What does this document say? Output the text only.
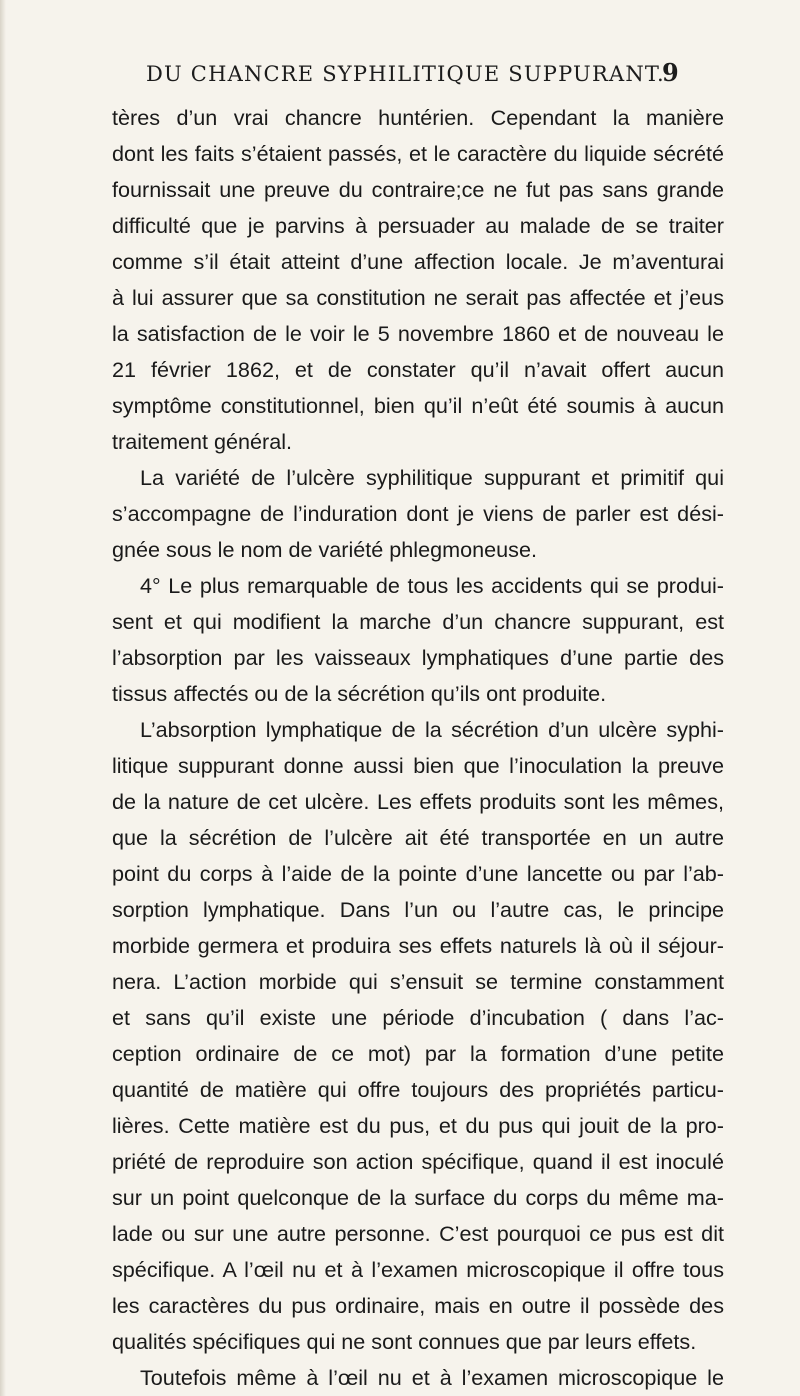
DU CHANCRE SYPHILITIQUE SUPPURANT.
9
tères d’un vrai chancre huntérien. Cependant la manière
dont les faits s’étaient passés, et le caractère du liquide sécrété
fournissait une preuve du contraire;ce ne fut pas sans grande
difficulté que je parvins à persuader au malade de se traiter
comme s’il était atteint d’une affection locale. Je m’aventurai
à lui assurer que sa constitution ne serait pas affectée et j’eus
la satisfaction de le voir le 5 novembre 1860 et de nouveau le
21 février 1862, et de constater qu’il n’avait offert aucun
symptôme constitutionnel, bien qu’il n’eût été soumis à aucun
traitement général.
La variété de l’ulcère syphilitique suppurant et primitif qui
s’accompagne de l’induration dont je viens de parler est dési-
gnée sous le nom de variété phlegmoneuse.
4° Le plus remarquable de tous les accidents qui se produi-
sent et qui modifient la marche d’un chancre suppurant, est
l’absorption par les vaisseaux lymphatiques d’une partie des
tissus affectés ou de la sécrétion qu’ils ont produite.
L’absorption lymphatique de la sécrétion d’un ulcère syphi-
litique suppurant donne aussi bien que l’inoculation la preuve
de la nature de cet ulcère. Les effets produits sont les mêmes,
que la sécrétion de l’ulcère ait été transportée en un autre
point du corps à l’aide de la pointe d’une lancette ou par l’ab-
sorption lymphatique. Dans l’un ou l’autre cas, le principe
morbide germera et produira ses effets naturels là où il séjour-
nera. L’action morbide qui s’ensuit se termine constamment
et sans qu’il existe une période d’incubation ( dans l’ac-
ception ordinaire de ce mot) par la formation d’une petite
quantité de matière qui offre toujours des propriétés particu-
lières. Cette matière est du pus, et du pus qui jouit de la pro-
priété de reproduire son action spécifique, quand il est inoculé
sur un point quelconque de la surface du corps du même ma-
lade ou sur une autre personne. C’est pourquoi ce pus est dit
spécifique. A l’œil nu et à l’examen microscopique il offre tous
les caractères du pus ordinaire, mais en outre il possède des
qualités spécifiques qui ne sont connues que par leurs effets.
Toutefois même à l’œil nu et à l’examen microscopique le
